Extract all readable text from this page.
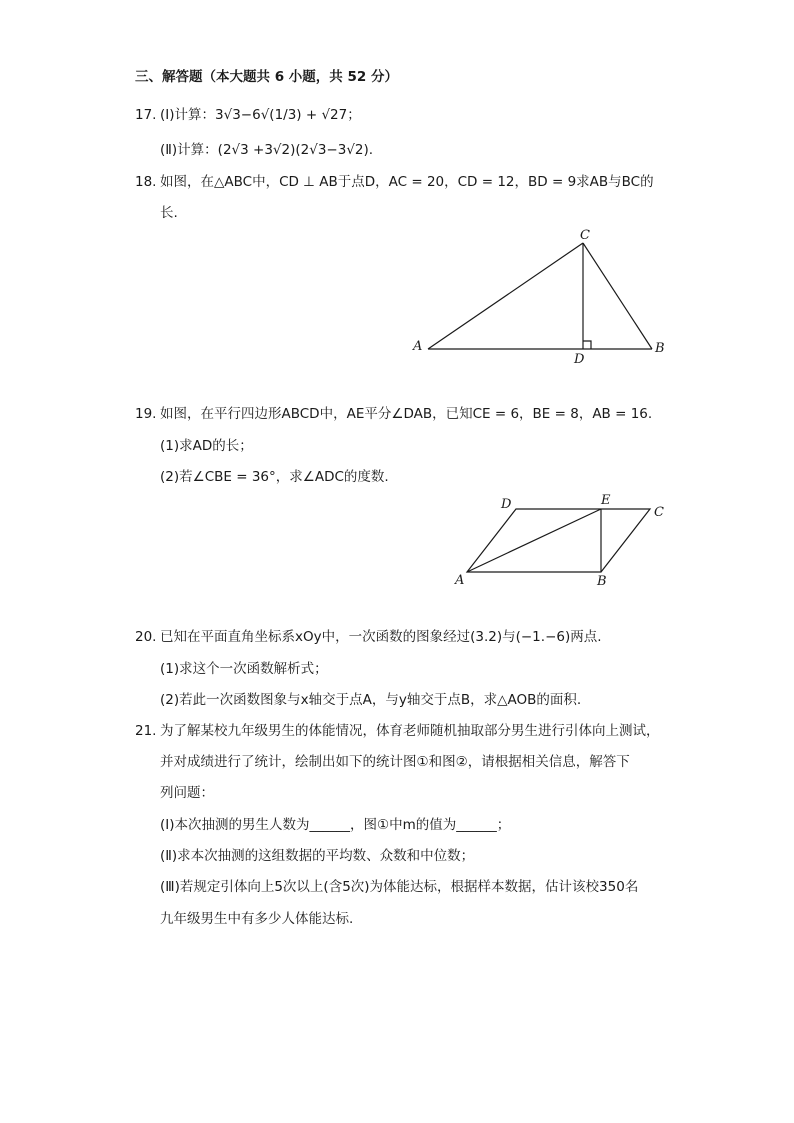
三、解答题（本大题共 6 小题，共 52 分）
17. (Ⅰ)计算：3√3−6√(1/3) + √27；
(Ⅱ)计算：(2√3 +3√2)(2√3−3√2).
18. 如图，在△ABC中，CD ⊥ AB于点D，AC = 20，CD = 12，BD = 9求AB与BC的
长.
A	B
C
D
19. 如图，在平行四边形ABCD中，AE平分∠DAB，已知CE = 6，BE = 8，AB = 16.
(1)求AD的长；
(2)若∠CBE = 36°，求∠ADC的度数.
A	B
C
D	E
20. 已知在平面直角坐标系xOy中，一次函数的图象经过(3.2)与(−1.−6)两点.
(1)求这个一次函数解析式；
(2)若此一次函数图象与x轴交于点A，与y轴交于点B，求△AOB的面积.
21. 为了解某校九年级男生的体能情况，体育老师随机抽取部分男生进行引体向上测试，
并对成绩进行了统计，绘制出如下的统计图①和图②，请根据相关信息，解答下
列问题：
(Ⅰ)本次抽测的男生人数为______，图①中m的值为______；
(Ⅱ)求本次抽测的这组数据的平均数、众数和中位数；
(Ⅲ)若规定引体向上5次以上(含5次)为体能达标，根据样本数据，估计该校350名
九年级男生中有多少人体能达标.
